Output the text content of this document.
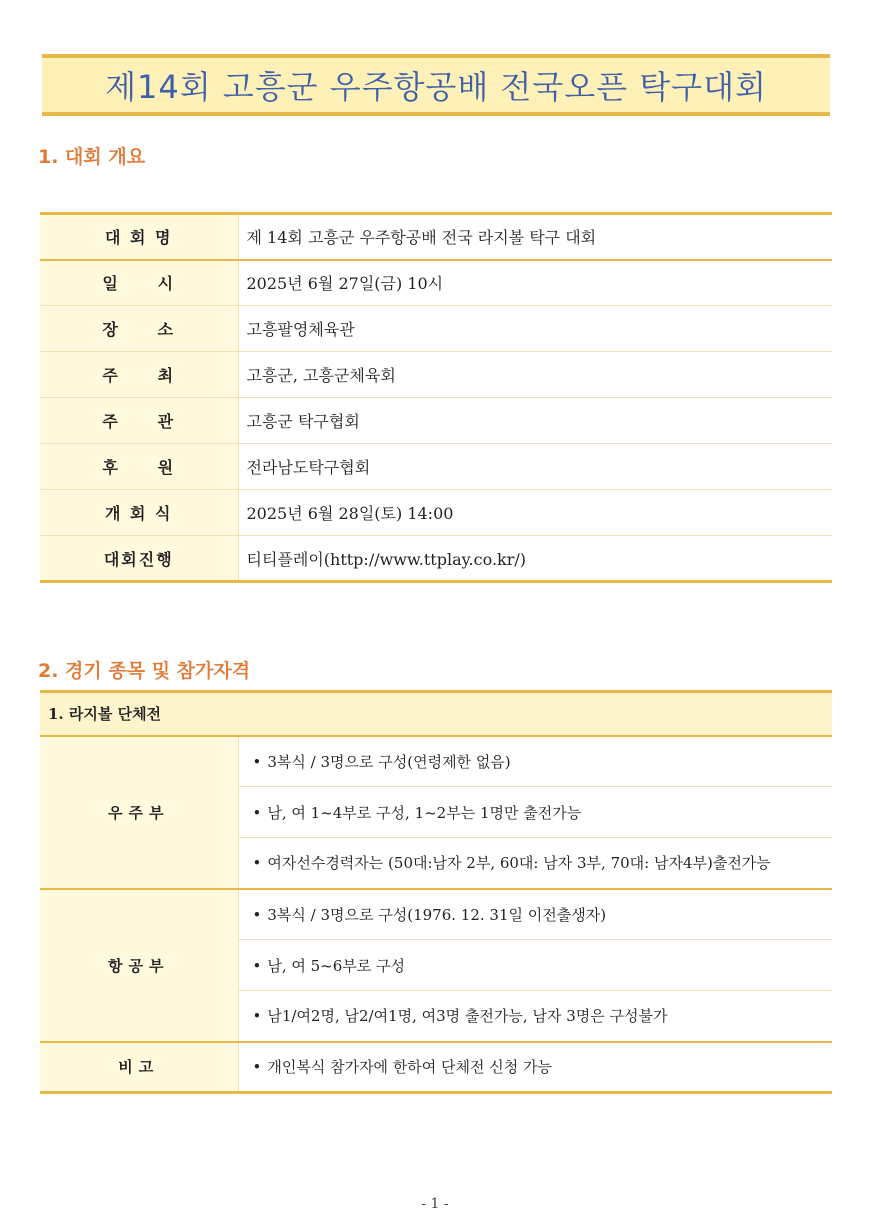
제14회 고흥군 우주항공배 전국오픈 탁구대회
1. 대회 개요
대 회 명	제 14회 고흥군 우주항공배 전국 라지볼 탁구 대회
일     시	2025년 6월 27일(금) 10시
장     소	고흥팔영체육관
주     최	고흥군, 고흥군체육회
주     관	고흥군 탁구협회
후     원	전라남도탁구협회
개 회 식	2025년 6월 28일(토) 14:00
대회진행	티티플레이(http://www.ttplay.co.kr/)
2. 경기 종목 및 참가자격
1. 라지볼 단체전	
우주부	• 3복식 / 3명으로 구성(연령제한 없음)
	• 남, 여 1~4부로 구성, 1~2부는 1명만 출전가능
	• 여자선수경력자는 (50대:남자 2부, 60대: 남자 3부, 70대: 남자4부)출전가능
항공부	• 3복식 / 3명으로 구성(1976. 12. 31일 이전출생자)
	• 남, 여 5~6부로 구성
	• 남1/여2명, 남2/여1명, 여3명 출전가능, 남자 3명은 구성불가
비고	• 개인복식 참가자에 한하여 단체전 신청 가능
- 1 -
